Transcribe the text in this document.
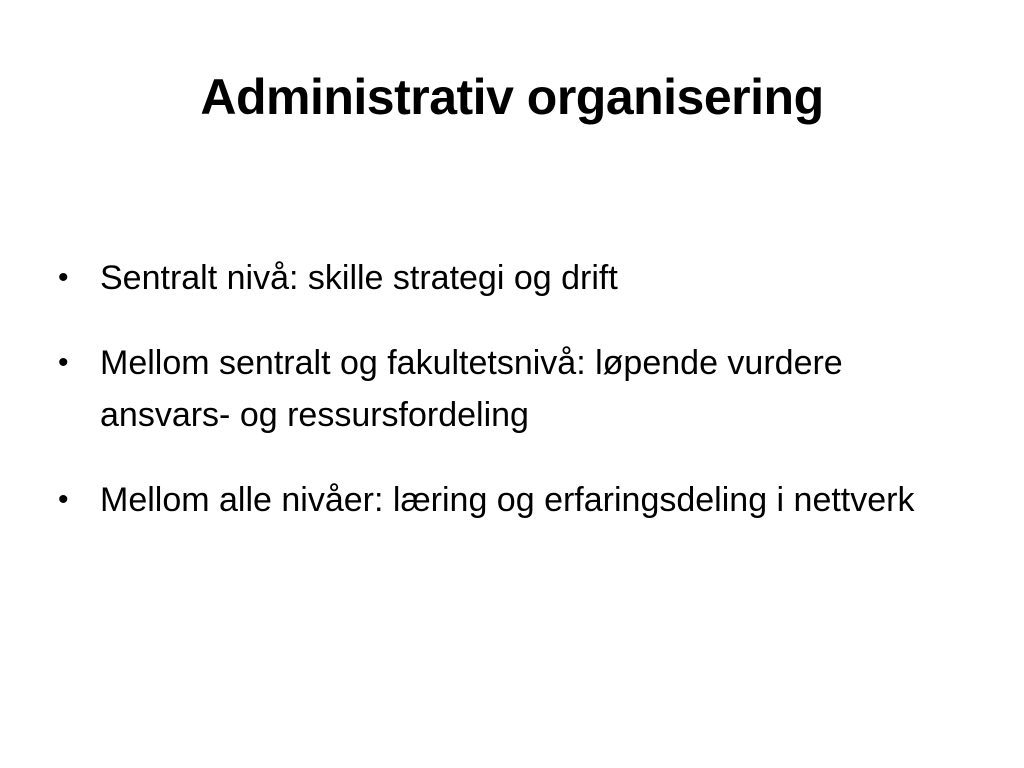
Administrativ organisering
• Sentralt nivå: skille strategi og drift
• Mellom sentralt og fakultetsnivå: løpende vurdere ansvars- og ressursfordeling
• Mellom alle nivåer: læring og erfaringsdeling i nettverk
